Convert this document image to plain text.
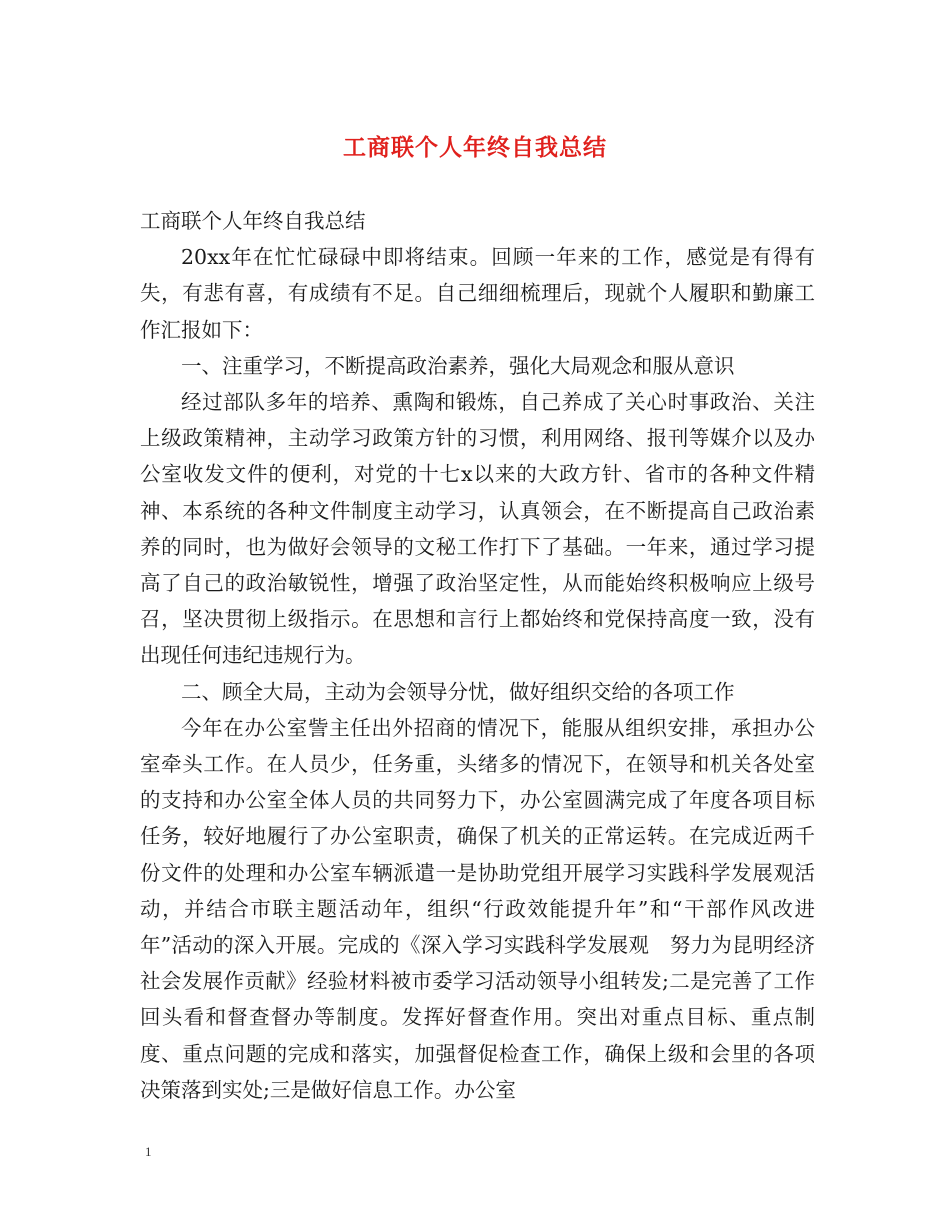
工商联个人年终自我总结

工商联个人年终自我总结

20xx年在忙忙碌碌中即将结束。回顾一年来的工作，感觉是有得有失，有悲有喜，有成绩有不足。自己细细梳理后，现就个人履职和勤廉工作汇报如下：

一、注重学习，不断提高政治素养，强化大局观念和服从意识

经过部队多年的培养、熏陶和锻炼，自己养成了关心时事政治、关注上级政策精神，主动学习政策方针的习惯，利用网络、报刊等媒介以及办公室收发文件的便利，对党的十七x以来的大政方针、省市的各种文件精神、本系统的各种文件制度主动学习，认真领会，在不断提高自己政治素养的同时，也为做好会领导的文秘工作打下了基础。一年来，通过学习提高了自己的政治敏锐性，增强了政治坚定性，从而能始终积极响应上级号召，坚决贯彻上级指示。在思想和言行上都始终和党保持高度一致，没有出现任何违纪违规行为。

二、顾全大局，主动为会领导分忧，做好组织交给的各项工作

今年在办公室訾主任出外招商的情况下，能服从组织安排，承担办公室牵头工作。在人员少，任务重，头绪多的情况下，在领导和机关各处室的支持和办公室全体人员的共同努力下，办公室圆满完成了年度各项目标任务，较好地履行了办公室职责，确保了机关的正常运转。在完成近两千份文件的处理和办公室车辆派遣一是协助党组开展学习实践科学发展观活动，并结合市联主题活动年，组织“行政效能提升年”和“干部作风改进年”活动的深入开展。完成的《深入学习实践科学发展观　努力为昆明经济社会发展作贡献》经验材料被市委学习活动领导小组转发;二是完善了工作回头看和督查督办等制度。发挥好督查作用。突出对重点目标、重点制度、重点问题的完成和落实，加强督促检查工作，确保上级和会里的各项决策落到实处;三是做好信息工作。办公室

1
